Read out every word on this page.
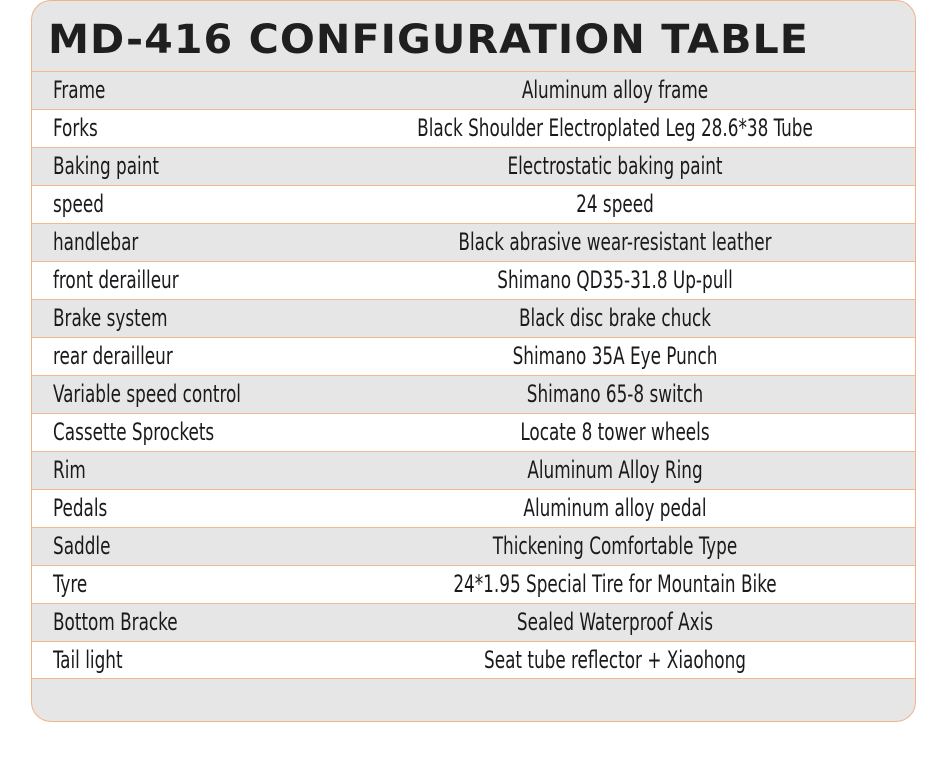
MD-416 CONFIGURATION TABLE
Frame	Aluminum alloy frame
Forks	Black Shoulder Electroplated Leg 28.6*38 Tube
Baking paint	Electrostatic baking paint
speed	24 speed
handlebar	Black abrasive wear-resistant leather
front derailleur	Shimano QD35-31.8 Up-pull
Brake system	Black disc brake chuck
rear derailleur	Shimano 35A Eye Punch
Variable speed control	Shimano 65-8 switch
Cassette Sprockets	Locate 8 tower wheels
Rim	Aluminum Alloy Ring
Pedals	Aluminum alloy pedal
Saddle	Thickening Comfortable Type
Tyre	24*1.95 Special Tire for Mountain Bike
Bottom Bracke	Sealed Waterproof Axis
Tail light	Seat tube reflector + Xiaohong
